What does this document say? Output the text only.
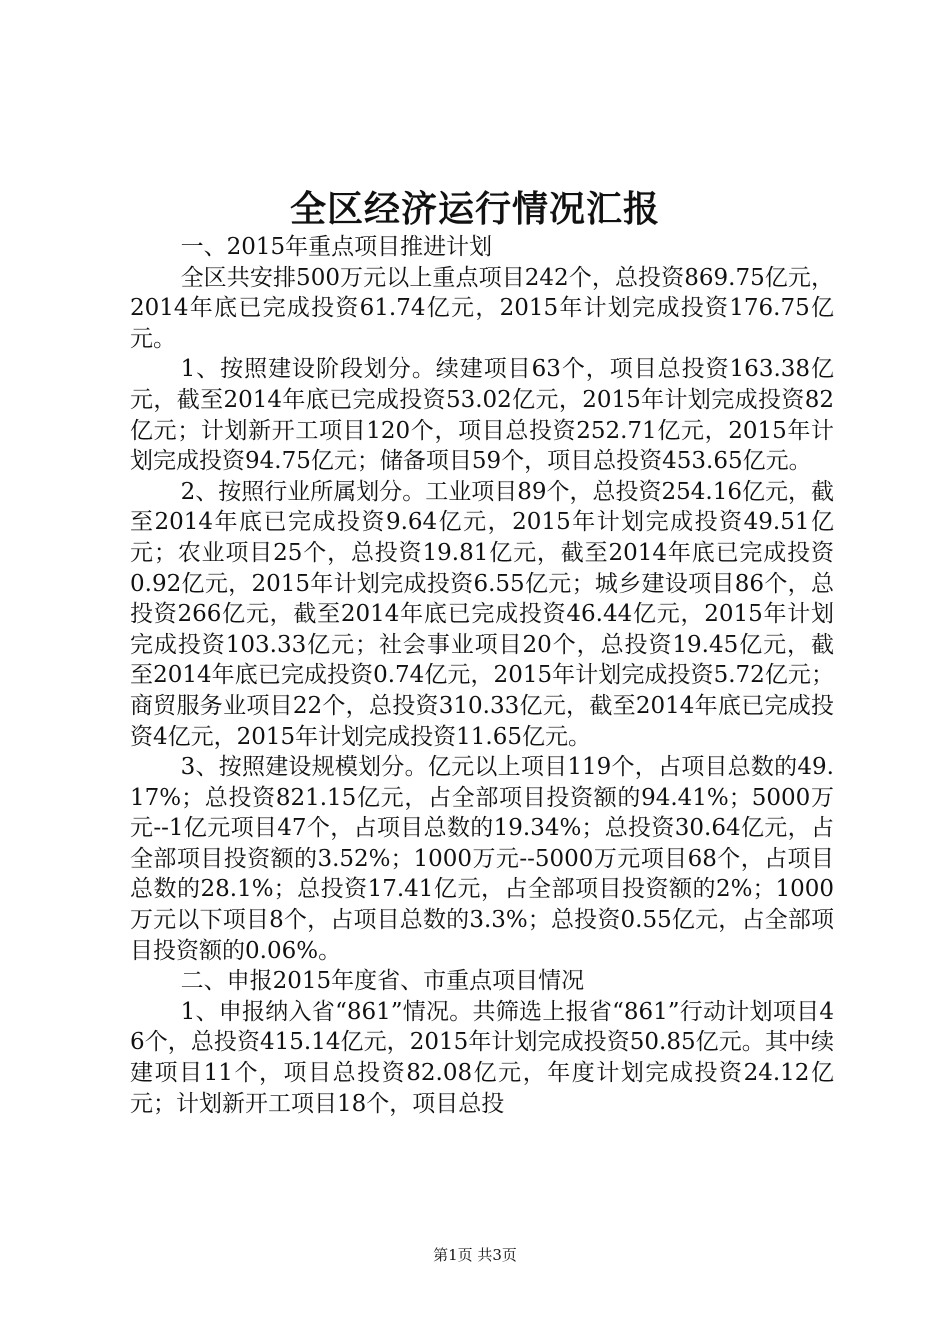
全区经济运行情况汇报

一、2015年重点项目推进计划

全区共安排500万元以上重点项目242个，总投资869.75亿元，2014年底已完成投资61.74亿元，2015年计划完成投资176.75亿元。

1、按照建设阶段划分。续建项目63个，项目总投资163.38亿元，截至2014年底已完成投资53.02亿元，2015年计划完成投资82亿元；计划新开工项目120个，项目总投资252.71亿元，2015年计划完成投资94.75亿元；储备项目59个，项目总投资453.65亿元。

2、按照行业所属划分。工业项目89个，总投资254.16亿元，截至2014年底已完成投资9.64亿元，2015年计划完成投资49.51亿元；农业项目25个，总投资19.81亿元，截至2014年底已完成投资0.92亿元，2015年计划完成投资6.55亿元；城乡建设项目86个，总投资266亿元，截至2014年底已完成投资46.44亿元，2015年计划完成投资103.33亿元；社会事业项目20个，总投资19.45亿元，截至2014年底已完成投资0.74亿元，2015年计划完成投资5.72亿元；商贸服务业项目22个，总投资310.33亿元，截至2014年底已完成投资4亿元，2015年计划完成投资11.65亿元。

3、按照建设规模划分。亿元以上项目119个，占项目总数的49.17%；总投资821.15亿元，占全部项目投资额的94.41%；5000万元--1亿元项目47个，占项目总数的19.34%；总投资30.64亿元，占全部项目投资额的3.52%；1000万元--5000万元项目68个，占项目总数的28.1%；总投资17.41亿元，占全部项目投资额的2%；1000万元以下项目8个，占项目总数的3.3%；总投资0.55亿元，占全部项目投资额的0.06%。

二、申报2015年度省、市重点项目情况

1、申报纳入省“861”情况。共筛选上报省“861”行动计划项目46个，总投资415.14亿元，2015年计划完成投资50.85亿元。其中续建项目11个，项目总投资82.08亿元，年度计划完成投资24.12亿元；计划新开工项目18个，项目总投

第1页 共3页
